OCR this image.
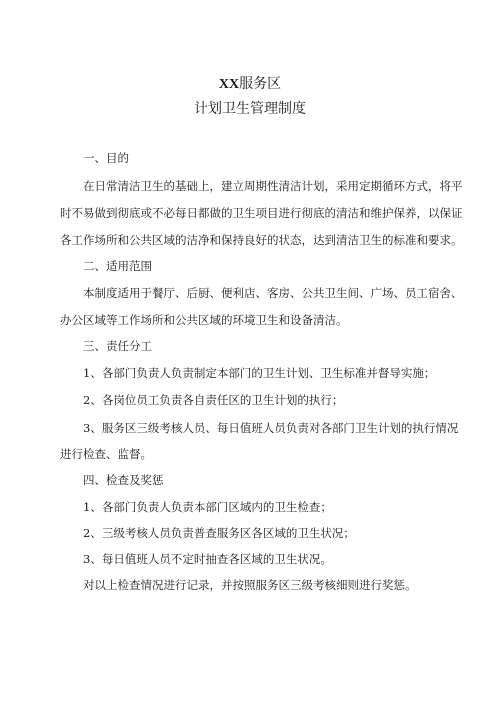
XX服务区
计划卫生管理制度
一、目的
在日常清洁卫生的基础上，建立周期性清洁计划，采用定期循环方式，将平
时不易做到彻底或不必每日都做的卫生项目进行彻底的清洁和维护保养，以保证
各工作场所和公共区域的洁净和保持良好的状态，达到清洁卫生的标准和要求。
二、适用范围
本制度适用于餐厅、后厨、便利店、客房、公共卫生间、广场、员工宿舍、
办公区域等工作场所和公共区域的环境卫生和设备清洁。
三、责任分工
1、各部门负责人负责制定本部门的卫生计划、卫生标准并督导实施；
2、各岗位员工负责各自责任区的卫生计划的执行；
3、服务区三级考核人员、每日值班人员负责对各部门卫生计划的执行情况
进行检查、监督。
四、检查及奖惩
1、各部门负责人负责本部门区域内的卫生检查；
2、三级考核人员负责普查服务区各区域的卫生状况；
3、每日值班人员不定时抽查各区域的卫生状况。
对以上检查情况进行记录，并按照服务区三级考核细则进行奖惩。
